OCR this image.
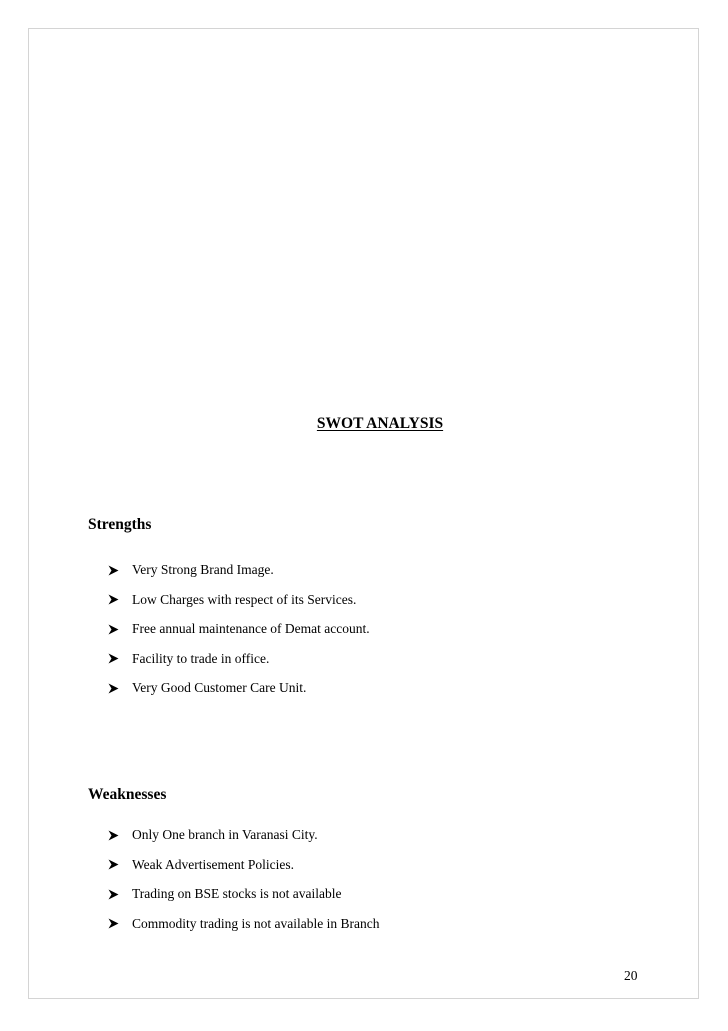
SWOT ANALYSIS
Strengths
Very Strong Brand Image.
Low Charges with respect of its Services.
Free annual maintenance of Demat account.
Facility to trade in office.
Very Good Customer Care Unit.
Weaknesses
Only One branch in Varanasi City.
Weak Advertisement Policies.
Trading on BSE stocks is not available
Commodity trading is not available in Branch
20
